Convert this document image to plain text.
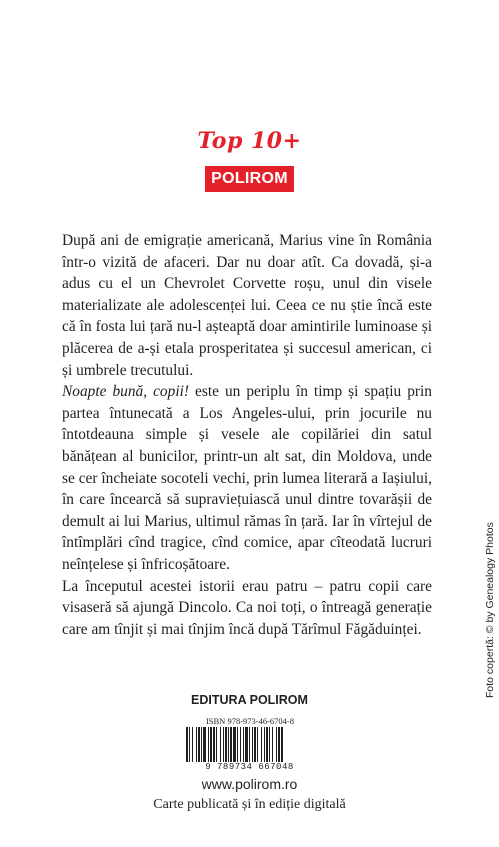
Top 10+
POLIROM

După ani de emigrație americană, Marius vine în România într-o vizită de afaceri. Dar nu doar atît. Ca dovadă, și-a adus cu el un Chevrolet Corvette roșu, unul din visele materializate ale adolescenței lui. Ceea ce nu știe încă este că în fosta lui țară nu-l așteaptă doar amintirile luminoase și plăcerea de a-și etala prosperitatea și succesul american, ci și umbrele trecutului.

Noapte bună, copii! este un periplu în timp și spațiu prin partea întunecată a Los Angeles-ului, prin jocurile nu întotdeauna simple și vesele ale copilăriei din satul bănățean al bunicilor, printr-un alt sat, din Moldova, unde se cer încheiate socoteli vechi, prin lumea literară a Iașiului, în care încearcă să supraviețuiască unul dintre tovarășii de demult ai lui Marius, ultimul rămas în țară. Iar în vîrtejul de întîmplări cînd tragice, cînd comice, apar cîteodată lucruri neînțelese și înfricoșătoare.

La începutul acestei istorii erau patru – patru copii care visaseră să ajungă Dincolo. Ca noi toți, o întreagă generație care am tînjit și mai tînjim încă după Tărîmul Făgăduinței.

EDITURA POLIROM
ISBN 978-973-46-6704-8
9 789734 667048
www.polirom.ro
Carte publicată și în ediție digitală
Foto copertă: © by Genealogy Photos
